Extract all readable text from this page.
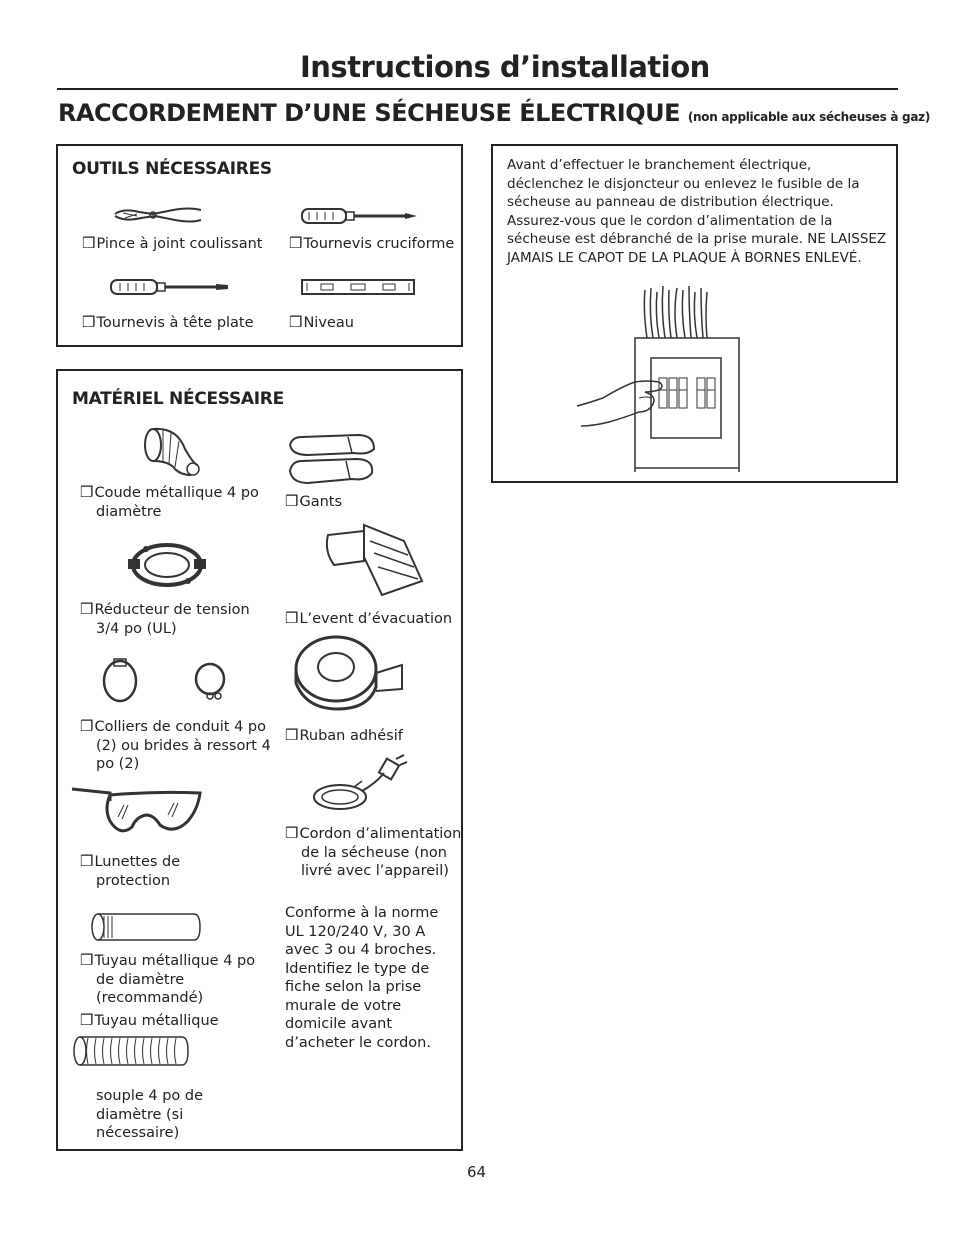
Instructions d’installation
RACCORDEMENT D’UNE SÉCHEUSE ÉLECTRIQUE (non applicable aux sécheuses à gaz)
OUTILS NÉCESSAIRES
❒Pince à joint coulissant ❒Tournevis cruciforme
❒Tournevis à tête plate ❒Niveau
MATÉRIEL NÉCESSAIRE
❒Coude métallique 4 po diamètre
❒Gants
❒Réducteur de tension 3/4 po (UL)
❒L’event d’évacuation
❒Colliers de conduit 4 po (2) ou brides à ressort 4 po (2)
❒Ruban adhésif
❒Lunettes de protection
❒Cordon d’alimentation de la sécheuse (non livré avec l’appareil)
Conforme à la norme UL 120/240 V, 30 A avec 3 ou 4 broches. Identifiez le type de fiche selon la prise murale de votre domicile avant d’acheter le cordon.
❒Tuyau métallique 4 po de diamètre (recommandé)
❒Tuyau métallique
souple 4 po de diamètre (si nécessaire)
Avant d’effectuer le branchement électrique, déclenchez le disjoncteur ou enlevez le fusible de la sécheuse au panneau de distribution électrique. Assurez-vous que le cordon d’alimentation de la sécheuse est débranché de la prise murale. NE LAISSEZ JAMAIS LE CAPOT DE LA PLAQUE À BORNES ENLEVÉ.
64
